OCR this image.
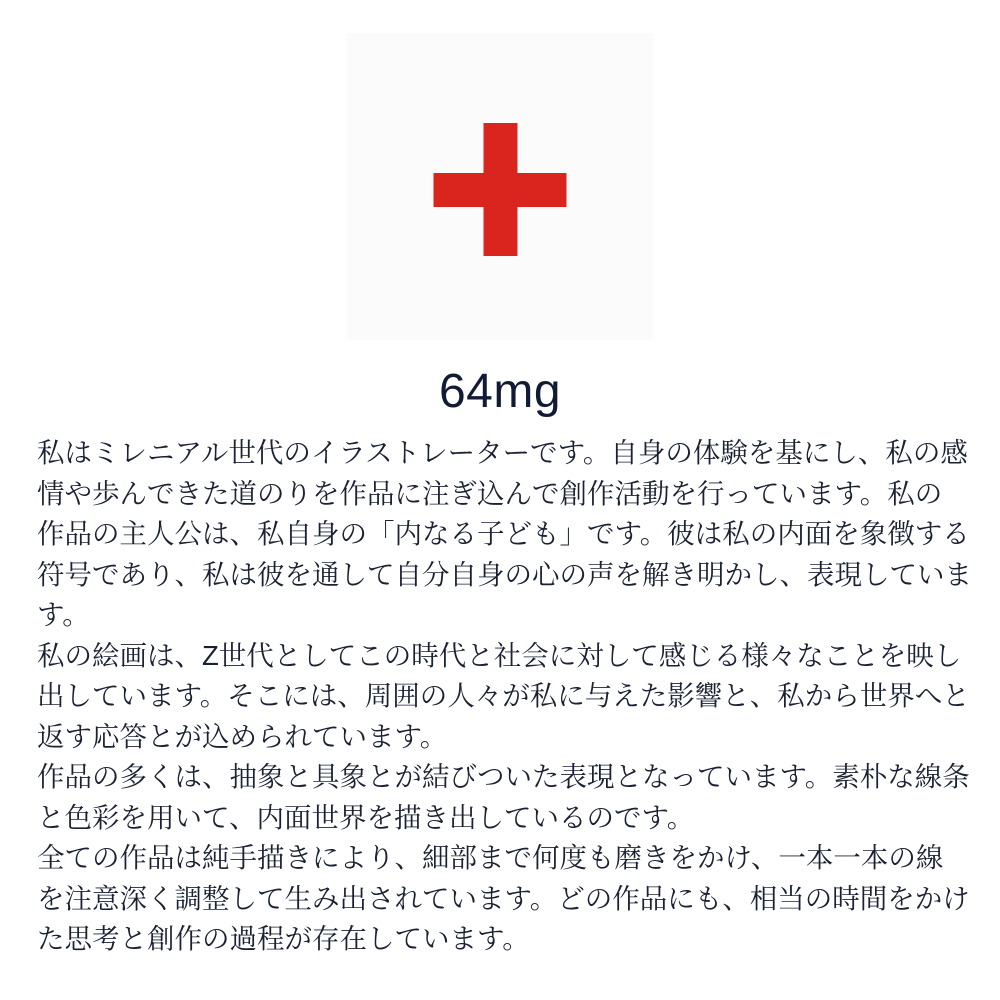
64mg

私はミレニアル世代のイラストレーターです。自身の体験を基にし、私の感
情や歩んできた道のりを作品に注ぎ込んで創作活動を行っています。私の
作品の主人公は、私自身の「内なる子ども」です。彼は私の内面を象徴する
符号であり、私は彼を通して自分自身の心の声を解き明かし、表現していま
す。

私の絵画は、Z世代としてこの時代と社会に対して感じる様々なことを映し
出しています。そこには、周囲の人々が私に与えた影響と、私から世界へと
返す応答とが込められています。

作品の多くは、抽象と具象とが結びついた表現となっています。素朴な線条
と色彩を用いて、内面世界を描き出しているのです。

全ての作品は純手描きにより、細部まで何度も磨きをかけ、一本一本の線
を注意深く調整して生み出されています。どの作品にも、相当の時間をかけ
た思考と創作の過程が存在しています。
